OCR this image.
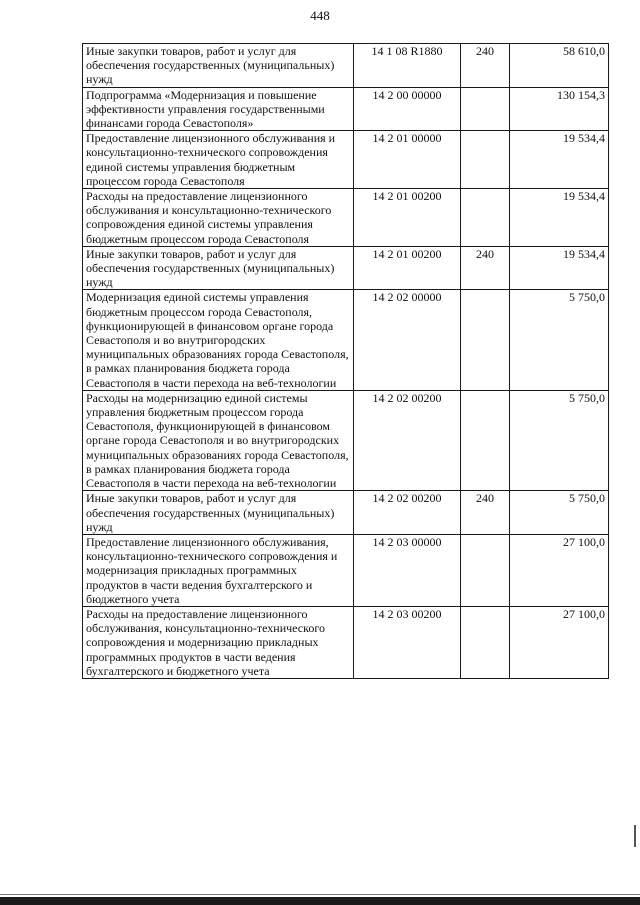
448
Иные закупки товаров, работ и услуг для обеспечения государственных (муниципальных) нужд	14 1 08 R1880	240	58 610,0
Подпрограмма «Модернизация и повышение эффективности управления государственными финансами города Севастополя»	14 2 00 00000		130 154,3
Предоставление лицензионного обслуживания и консультационно-технического сопровождения единой системы управления бюджетным процессом города Севастополя	14 2 01 00000		19 534,4
Расходы на предоставление лицензионного обслуживания и консультационно-технического сопровождения единой системы управления бюджетным процессом города Севастополя	14 2 01 00200		19 534,4
Иные закупки товаров, работ и услуг для обеспечения государственных (муниципальных) нужд	14 2 01 00200	240	19 534,4
Модернизация единой системы управления бюджетным процессом города Севастополя, функционирующей в финансовом органе города Севастополя и во внутригородских муниципальных образованиях города Севастополя, в рамках планирования бюджета города Севастополя в части перехода на веб-технологии	14 2 02 00000		5 750,0
Расходы на модернизацию единой системы управления бюджетным процессом города Севастополя, функционирующей в финансовом органе города Севастополя и во внутригородских муниципальных образованиях города Севастополя, в рамках планирования бюджета города Севастополя в части перехода на веб-технологии	14 2 02 00200		5 750,0
Иные закупки товаров, работ и услуг для обеспечения государственных (муниципальных) нужд	14 2 02 00200	240	5 750,0
Предоставление лицензионного обслуживания, консультационно-технического сопровождения и модернизация прикладных программных продуктов в части ведения бухгалтерского и бюджетного учета	14 2 03 00000		27 100,0
Расходы на предоставление лицензионного обслуживания, консультационно-технического сопровождения и модернизацию прикладных программных продуктов в части ведения бухгалтерского и бюджетного учета	14 2 03 00200		27 100,0
